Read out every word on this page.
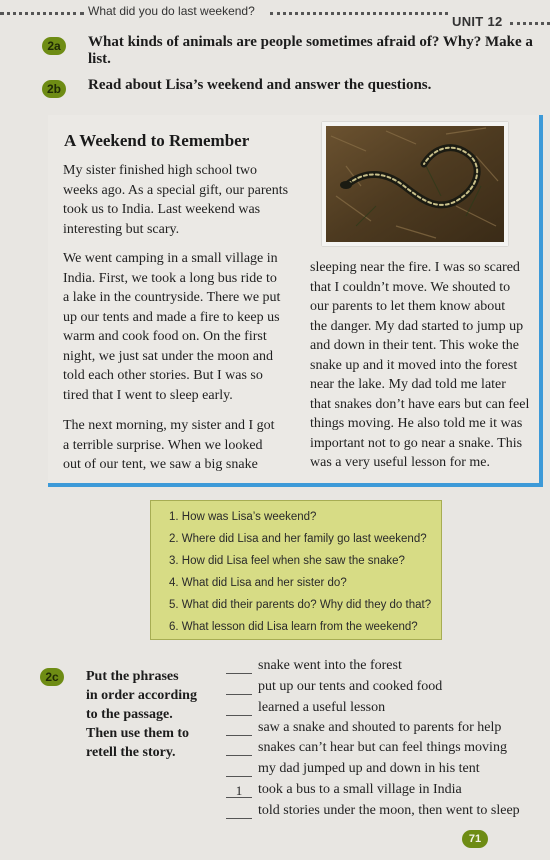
What did you do last weekend?
UNIT 12
2a	What kinds of animals are people sometimes afraid of? Why? Make a list.
2b	Read about Lisa’s weekend and answer the questions.
A Weekend to Remember
My sister finished high school two
weeks ago. As a special gift, our parents
took us to India. Last weekend was
interesting but scary.
We went camping in a small village in
India. First, we took a long bus ride to
a lake in the countryside. There we put
up our tents and made a fire to keep us
warm and cook food on. On the first
night, we just sat under the moon and
told each other stories. But I was so
tired that I went to sleep early.
The next morning, my sister and I got
a terrible surprise. When we looked
out of our tent, we saw a big snake
sleeping near the fire. I was so scared
that I couldn’t move. We shouted to
our parents to let them know about
the danger. My dad started to jump up
and down in their tent. This woke the
snake up and it moved into the forest
near the lake. My dad told me later
that snakes don’t have ears but can feel
things moving. He also told me it was
important not to go near a snake. This
was a very useful lesson for me.
1. How was Lisa’s weekend?
2. Where did Lisa and her family go last weekend?
3. How did Lisa feel when she saw the snake?
4. What did Lisa and her sister do?
5. What did their parents do? Why did they do that?
6. What lesson did Lisa learn from the weekend?
2c	Put the phrases
in order according
to the passage.
Then use them to
retell the story.
snake went into the forest
put up our tents and cooked food
learned a useful lesson
saw a snake and shouted to parents for help
snakes can’t hear but can feel things moving
my dad jumped up and down in his tent
1 took a bus to a small village in India
told stories under the moon, then went to sleep
71
